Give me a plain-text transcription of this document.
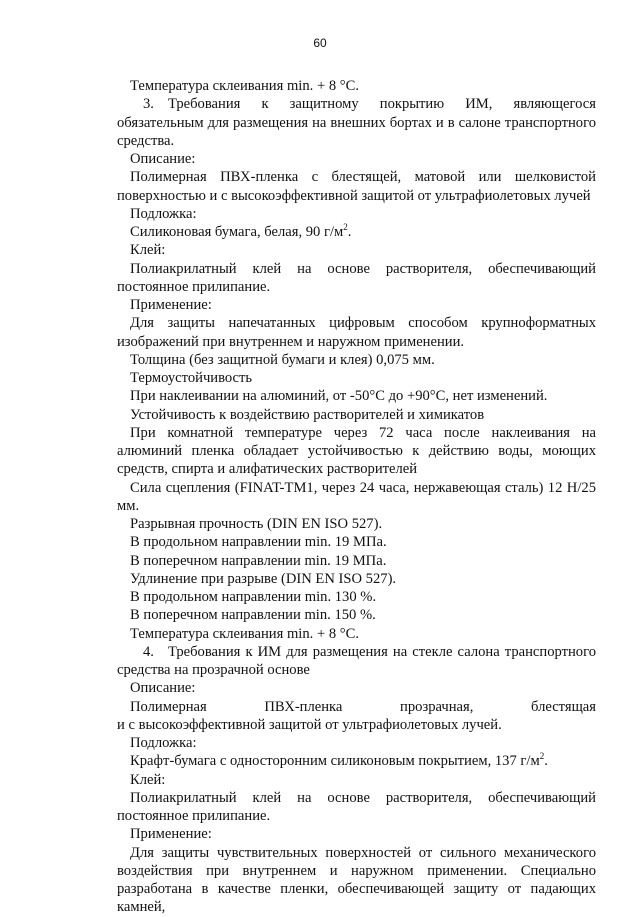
60

Температура склеивания min. + 8 °C.

3. Требования к защитному покрытию ИМ, являющегося обязательным для размещения на внешних бортах и в салоне транспортного средства.

Описание:

Полимерная ПВХ-пленка с блестящей, матовой или шелковистой поверхностью и с высокоэффективной защитой от ультрафиолетовых лучей

Подложка:

Силиконовая бумага, белая, 90 $г/м^2$.

Клей:

Полиакрилатный клей на основе растворителя, обеспечивающий постоянное прилипание.

Применение:

Для защиты напечатанных цифровым способом крупноформатных изображений при внутреннем и наружном применении.

Толщина (без защитной бумаги и клея) 0,075 мм.

Термоустойчивость

При наклеивании на алюминий, от -50°С до +90°С, нет изменений.

Устойчивость к воздействию растворителей и химикатов

При комнатной температуре через 72 часа после наклеивания на алюминий пленка обладает устойчивостью к действию воды, моющих средств, спирта и алифатических растворителей

Сила сцепления (FINAT-TM1, через 24 часа, нержавеющая сталь) 12 Н/25 мм.

Разрывная прочность (DIN EN ISO 527).

В продольном направлении min. 19 МПа.

В поперечном направлении min. 19 МПа.

Удлинение при разрыве (DIN EN ISO 527).

В продольном направлении min. 130 %.

В поперечном направлении min. 150 %.

Температура склеивания min. + 8 °C.

4. Требования к ИМ для размещения на стекле салона транспортного средства на прозрачной основе

Описание:

Полимерная ПВХ-пленка прозрачная, блестящая

и с высокоэффективной защитой от ультрафиолетовых лучей.

Подложка:

Крафт-бумага с односторонним силиконовым покрытием, 137 $г/м^2$.

Клей:

Полиакрилатный клей на основе растворителя, обеспечивающий постоянное прилипание.

Применение:

Для защиты чувствительных поверхностей от сильного механического воздействия при внутреннем и наружном применении. Специально разработана в качестве пленки, обеспечивающей защиту от падающих камней,
